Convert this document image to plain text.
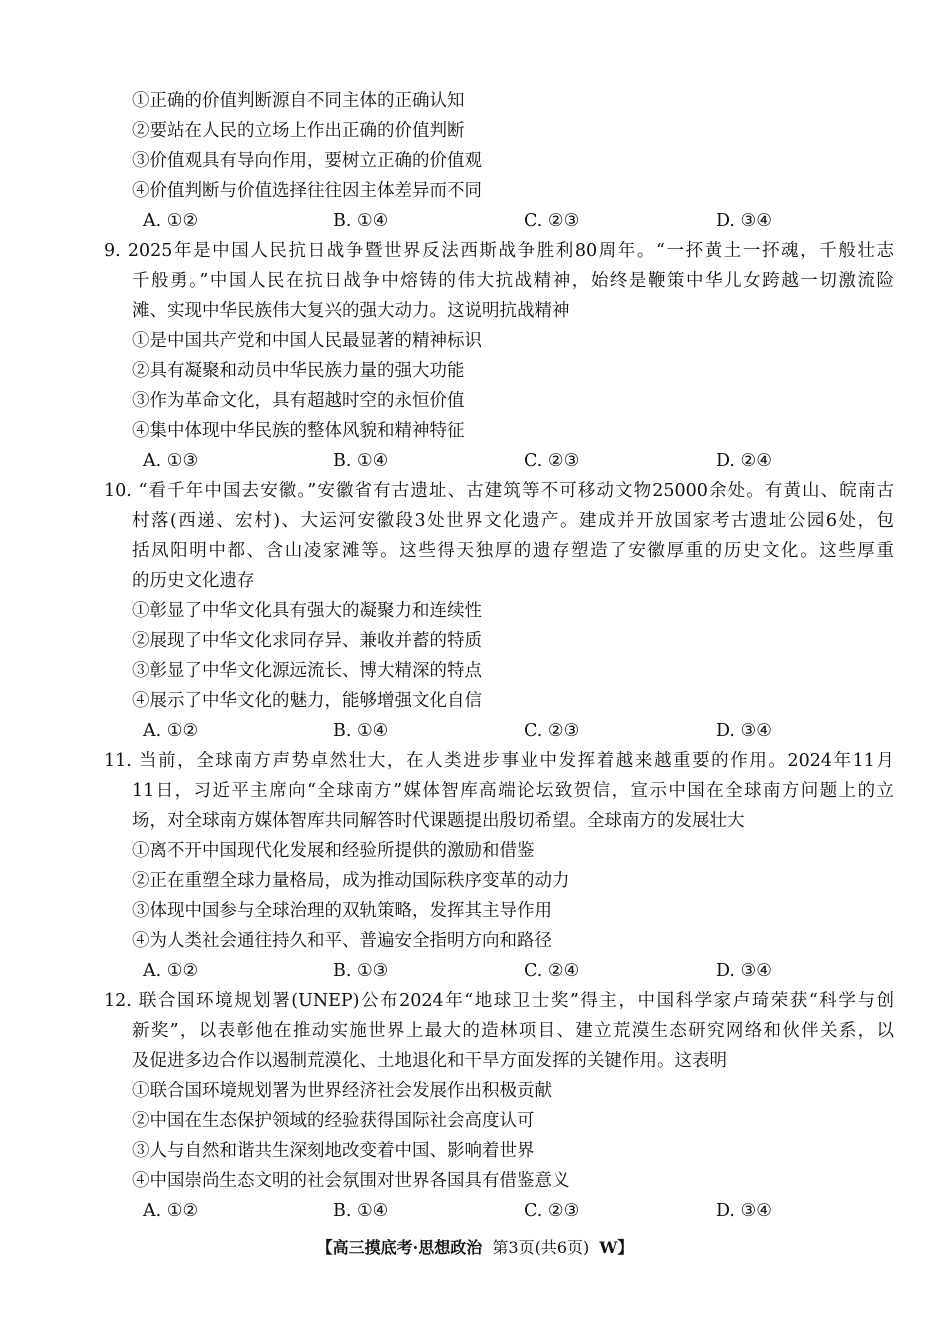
①正确的价值判断源自不同主体的正确认知
②要站在人民的立场上作出正确的价值判断
③价值观具有导向作用，要树立正确的价值观
④价值判断与价值选择往往因主体差异而不同
A. ①②	B. ①④	C. ②③	D. ③④
9. 2025年是中国人民抗日战争暨世界反法西斯战争胜利80周年。“一抔黄土一抔魂，千般壮志
千般勇。”中国人民在抗日战争中熔铸的伟大抗战精神，始终是鞭策中华儿女跨越一切激流险
滩、实现中华民族伟大复兴的强大动力。这说明抗战精神
①是中国共产党和中国人民最显著的精神标识
②具有凝聚和动员中华民族力量的强大功能
③作为革命文化，具有超越时空的永恒价值
④集中体现中华民族的整体风貌和精神特征
A. ①③	B. ①④	C. ②③	D. ②④
10. “看千年中国去安徽。”安徽省有古遗址、古建筑等不可移动文物25000余处。有黄山、皖南古
村落(西递、宏村)、大运河安徽段3处世界文化遗产。建成并开放国家考古遗址公园6处，包
括凤阳明中都、含山凌家滩等。这些得天独厚的遗存塑造了安徽厚重的历史文化。这些厚重
的历史文化遗存
①彰显了中华文化具有强大的凝聚力和连续性
②展现了中华文化求同存异、兼收并蓄的特质
③彰显了中华文化源远流长、博大精深的特点
④展示了中华文化的魅力，能够增强文化自信
A. ①②	B. ①④	C. ②③	D. ③④
11. 当前，全球南方声势卓然壮大，在人类进步事业中发挥着越来越重要的作用。2024年11月
11日，习近平主席向“全球南方”媒体智库高端论坛致贺信，宣示中国在全球南方问题上的立
场，对全球南方媒体智库共同解答时代课题提出殷切希望。全球南方的发展壮大
①离不开中国现代化发展和经验所提供的激励和借鉴
②正在重塑全球力量格局，成为推动国际秩序变革的动力
③体现中国参与全球治理的双轨策略，发挥其主导作用
④为人类社会通往持久和平、普遍安全指明方向和路径
A. ①②	B. ①③	C. ②④	D. ③④
12. 联合国环境规划署(UNEP)公布2024年“地球卫士奖”得主，中国科学家卢琦荣获“科学与创
新奖”，以表彰他在推动实施世界上最大的造林项目、建立荒漠生态研究网络和伙伴关系，以
及促进多边合作以遏制荒漠化、土地退化和干旱方面发挥的关键作用。这表明
①联合国环境规划署为世界经济社会发展作出积极贡献
②中国在生态保护领域的经验获得国际社会高度认可
③人与自然和谐共生深刻地改变着中国、影响着世界
④中国崇尚生态文明的社会氛围对世界各国具有借鉴意义
A. ①②	B. ①④	C. ②③	D. ③④
【高三摸底考·思想政治 第3页(共6页) W】
